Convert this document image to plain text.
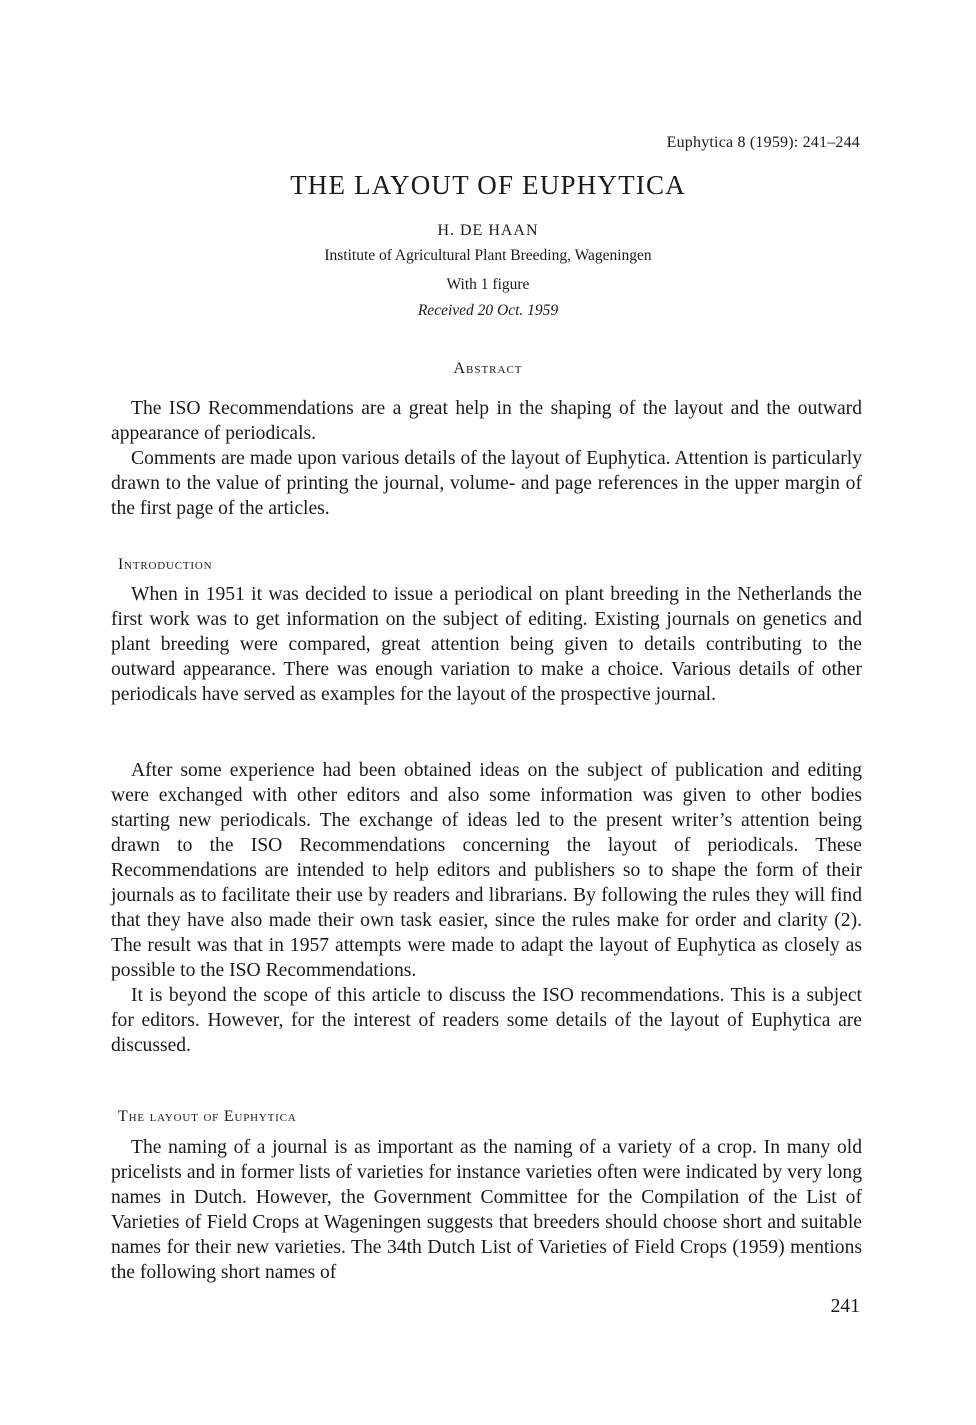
Euphytica 8 (1959): 241–244
THE LAYOUT OF EUPHYTICA
H. DE HAAN
Institute of Agricultural Plant Breeding, Wageningen
With 1 figure
Received 20 Oct. 1959
Abstract

The ISO Recommendations are a great help in the shaping of the layout and the outward appearance of periodicals.

Comments are made upon various details of the layout of Euphytica. Attention is particularly drawn to the value of printing the journal, volume- and page references in the upper margin of the first page of the articles.

Introduction

When in 1951 it was decided to issue a periodical on plant breeding in the Netherlands the first work was to get information on the subject of editing. Existing journals on genetics and plant breeding were compared, great attention being given to details contributing to the outward appearance. There was enough variation to make a choice. Various details of other periodicals have served as examples for the layout of the prospective journal.

After some experience had been obtained ideas on the subject of publication and editing were exchanged with other editors and also some information was given to other bodies starting new periodicals. The exchange of ideas led to the present writer’s attention being drawn to the ISO Recommendations concerning the layout of periodicals. These Recommendations are intended to help editors and publishers so to shape the form of their journals as to facilitate their use by readers and librarians. By following the rules they will find that they have also made their own task easier, since the rules make for order and clarity (2). The result was that in 1957 attempts were made to adapt the layout of Euphytica as closely as possible to the ISO Recommendations.

It is beyond the scope of this article to discuss the ISO recommendations. This is a subject for editors. However, for the interest of readers some details of the layout of Euphytica are discussed.

The layout of Euphytica

The naming of a journal is as important as the naming of a variety of a crop. In many old pricelists and in former lists of varieties for instance varieties often were indicated by very long names in Dutch. However, the Government Committee for the Compilation of the List of Varieties of Field Crops at Wageningen suggests that breeders should choose short and suitable names for their new varieties. The 34th Dutch List of Varieties of Field Crops (1959) mentions the following short names of

241
